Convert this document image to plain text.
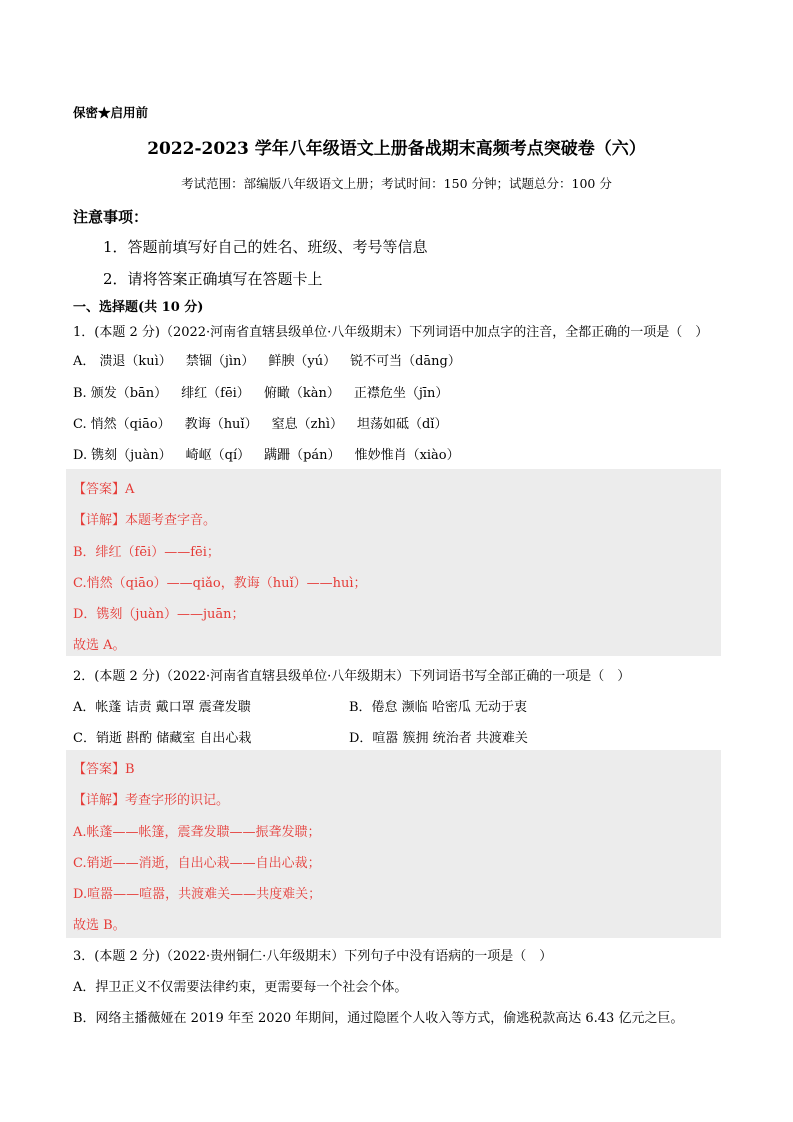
保密★启用前
2022-2023 学年八年级语文上册备战期末高频考点突破卷（六）
考试范围：部编版八年级语文上册；考试时间：150 分钟；试题总分：100 分
注意事项：
1．答题前填写好自己的姓名、班级、考号等信息
2．请将答案正确填写在答题卡上
一、选择题(共 10 分)
1．(本题 2 分)（2022·河南省直辖县级单位·八年级期末）下列词语中加点字的注音，全都正确的一项是（　）
A． 溃退（kuì） 禁锢（jìn） 鲜腴（yú） 锐不可当（dāng）
B. 颁发（bān） 绯红（fēi） 俯瞰（kàn） 正襟危坐（jīn）
C. 悄然（qiāo） 教诲（huǐ） 窒息（zhì） 坦荡如砥（dǐ）
D. 镌刻（juàn） 崎岖（qí） 蹒跚（pán） 惟妙惟肖（xiào）
【答案】A
【详解】本题考查字音。
B．绯红（fēi）——fēi；
C.悄然（qiāo）——qiǎo，教诲（huǐ）——huì；
D．镌刻（juàn）——juān；
故选 A。
2．(本题 2 分)（2022·河南省直辖县级单位·八年级期末）下列词语书写全部正确的一项是（　）
A．帐蓬 诘责 戴口罩 震聋发聩	B．倦怠 濒临 哈密瓜 无动于衷
C．销逝 斟酌 储藏室 自出心栽	D．喧嚣 簇拥 统治者 共渡难关
【答案】B
【详解】考查字形的识记。
A.帐蓬——帐篷，震聋发聩——振聋发聩；
C.销逝——消逝，自出心栽——自出心裁；
D.喧嚣——喧嚣，共渡难关——共度难关；
故选 B。
3．(本题 2 分)（2022·贵州铜仁·八年级期末）下列句子中没有语病的一项是（　）
A．捍卫正义不仅需要法律约束，更需要每一个社会个体。
B．网络主播薇娅在 2019 年至 2020 年期间，通过隐匿个人收入等方式，偷逃税款高达 6.43 亿元之巨。
